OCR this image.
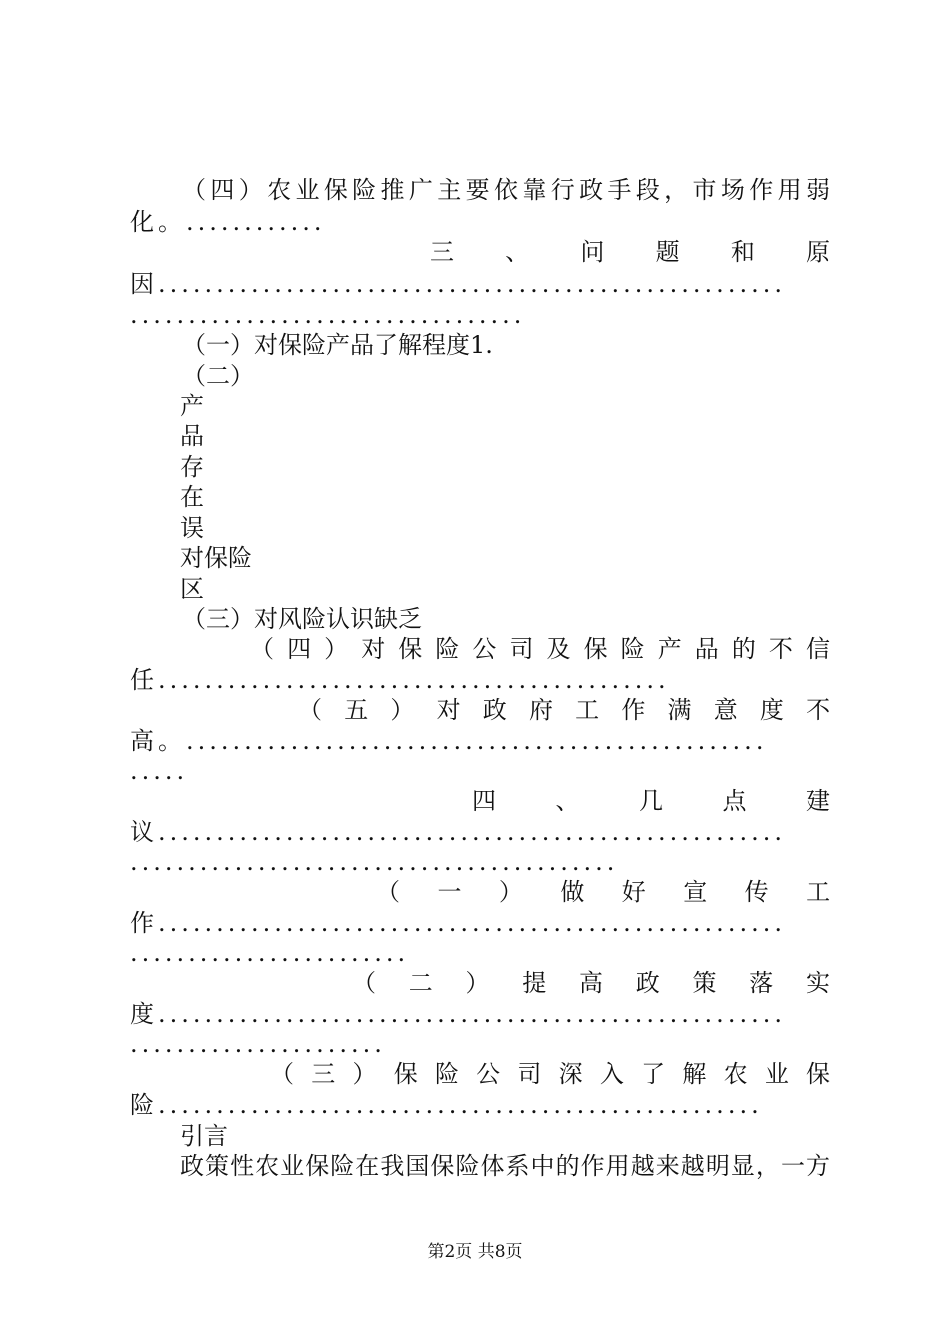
（四）农业保险推广主要依靠行政手段，市场作用弱
化。............
三 、 问 题 和 原
因......................................................
..................................
（一）对保险产品了解程度1.
（二）
产
品
存
在
误
对保险
区
（三）对风险认识缺乏
（ 四 ） 对 保 险 公 司 及 保 险 产 品 的 不 信
任............................................
（ 五 ） 对 政 府 工 作 满 意 度 不
高。..................................................
.....
四 、 几 点 建
议......................................................
..........................................
（ 一 ） 做 好 宣 传 工
作......................................................
........................
（ 二 ） 提 高 政 策 落 实
度......................................................
......................
（ 三 ） 保 险 公 司 深 入 了 解 农 业 保
险....................................................
引言
政策性农业保险在我国保险体系中的作用越来越明显，一方
第2页 共8页
